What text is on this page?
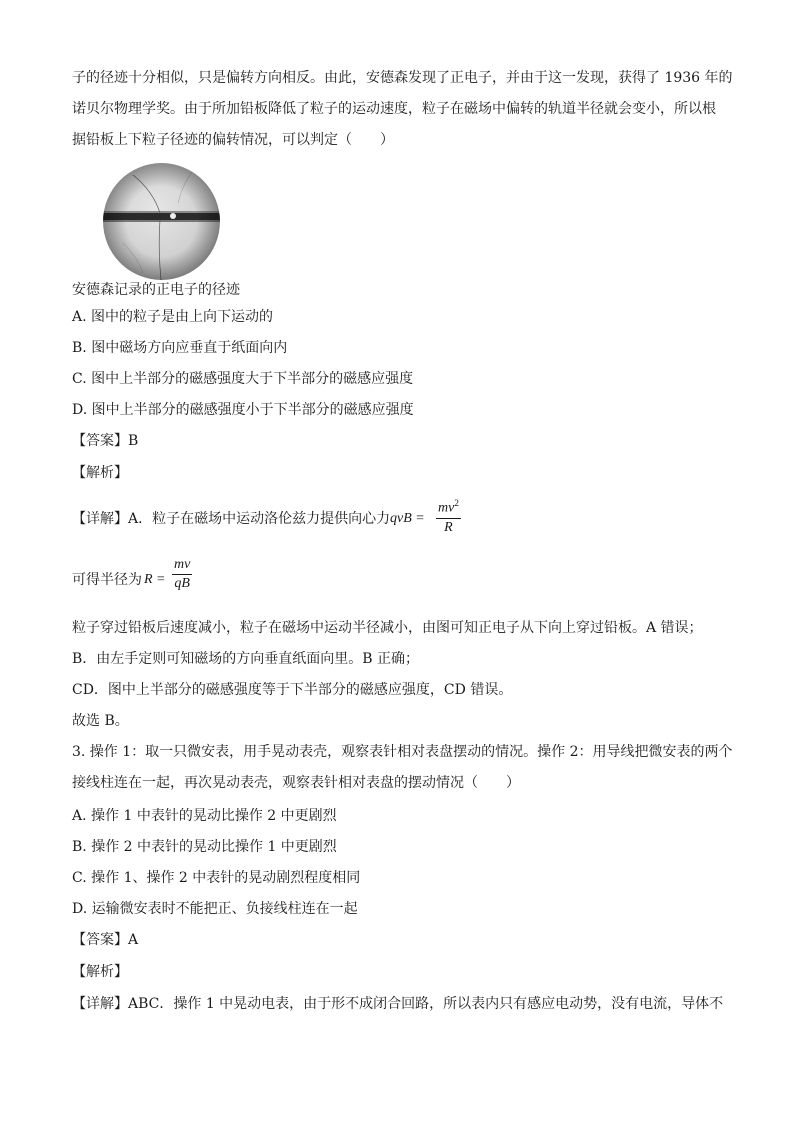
子的径迹十分相似，只是偏转方向相反。由此，安德森发现了正电子，并由于这一发现，获得了 1936 年的
诺贝尔物理学奖。由于所加铅板降低了粒子的运动速度，粒子在磁场中偏转的轨道半径就会变小，所以根
据铅板上下粒子径迹的偏转情况，可以判定（　　）
安德森记录的正电子的径迹
A. 图中的粒子是由上向下运动的
B. 图中磁场方向应垂直于纸面向内
C. 图中上半部分的磁感强度大于下半部分的磁感应强度
D. 图中上半部分的磁感强度小于下半部分的磁感应强度
【答案】B
【解析】
【详解】A．粒子在磁场中运动洛伦兹力提供向心力 qvB =
$mv^2$
R
可得半径为 R =
mv
qB
粒子穿过铅板后速度减小，粒子在磁场中运动半径减小，由图可知正电子从下向上穿过铅板。A 错误；
B．由左手定则可知磁场的方向垂直纸面向里。B 正确；
CD．图中上半部分的磁感强度等于下半部分的磁感应强度，CD 错误。
故选 B。
3. 操作 1：取一只微安表，用手晃动表壳，观察表针相对表盘摆动的情况。操作 2：用导线把微安表的两个
接线柱连在一起，再次晃动表壳，观察表针相对表盘的摆动情况（　　）
A. 操作 1 中表针的晃动比操作 2 中更剧烈
B. 操作 2 中表针的晃动比操作 1 中更剧烈
C. 操作 1、操作 2 中表针的晃动剧烈程度相同
D. 运输微安表时不能把正、负接线柱连在一起
【答案】A
【解析】
【详解】ABC．操作 1 中晃动电表，由于形不成闭合回路，所以表内只有感应电动势，没有电流，导体不
